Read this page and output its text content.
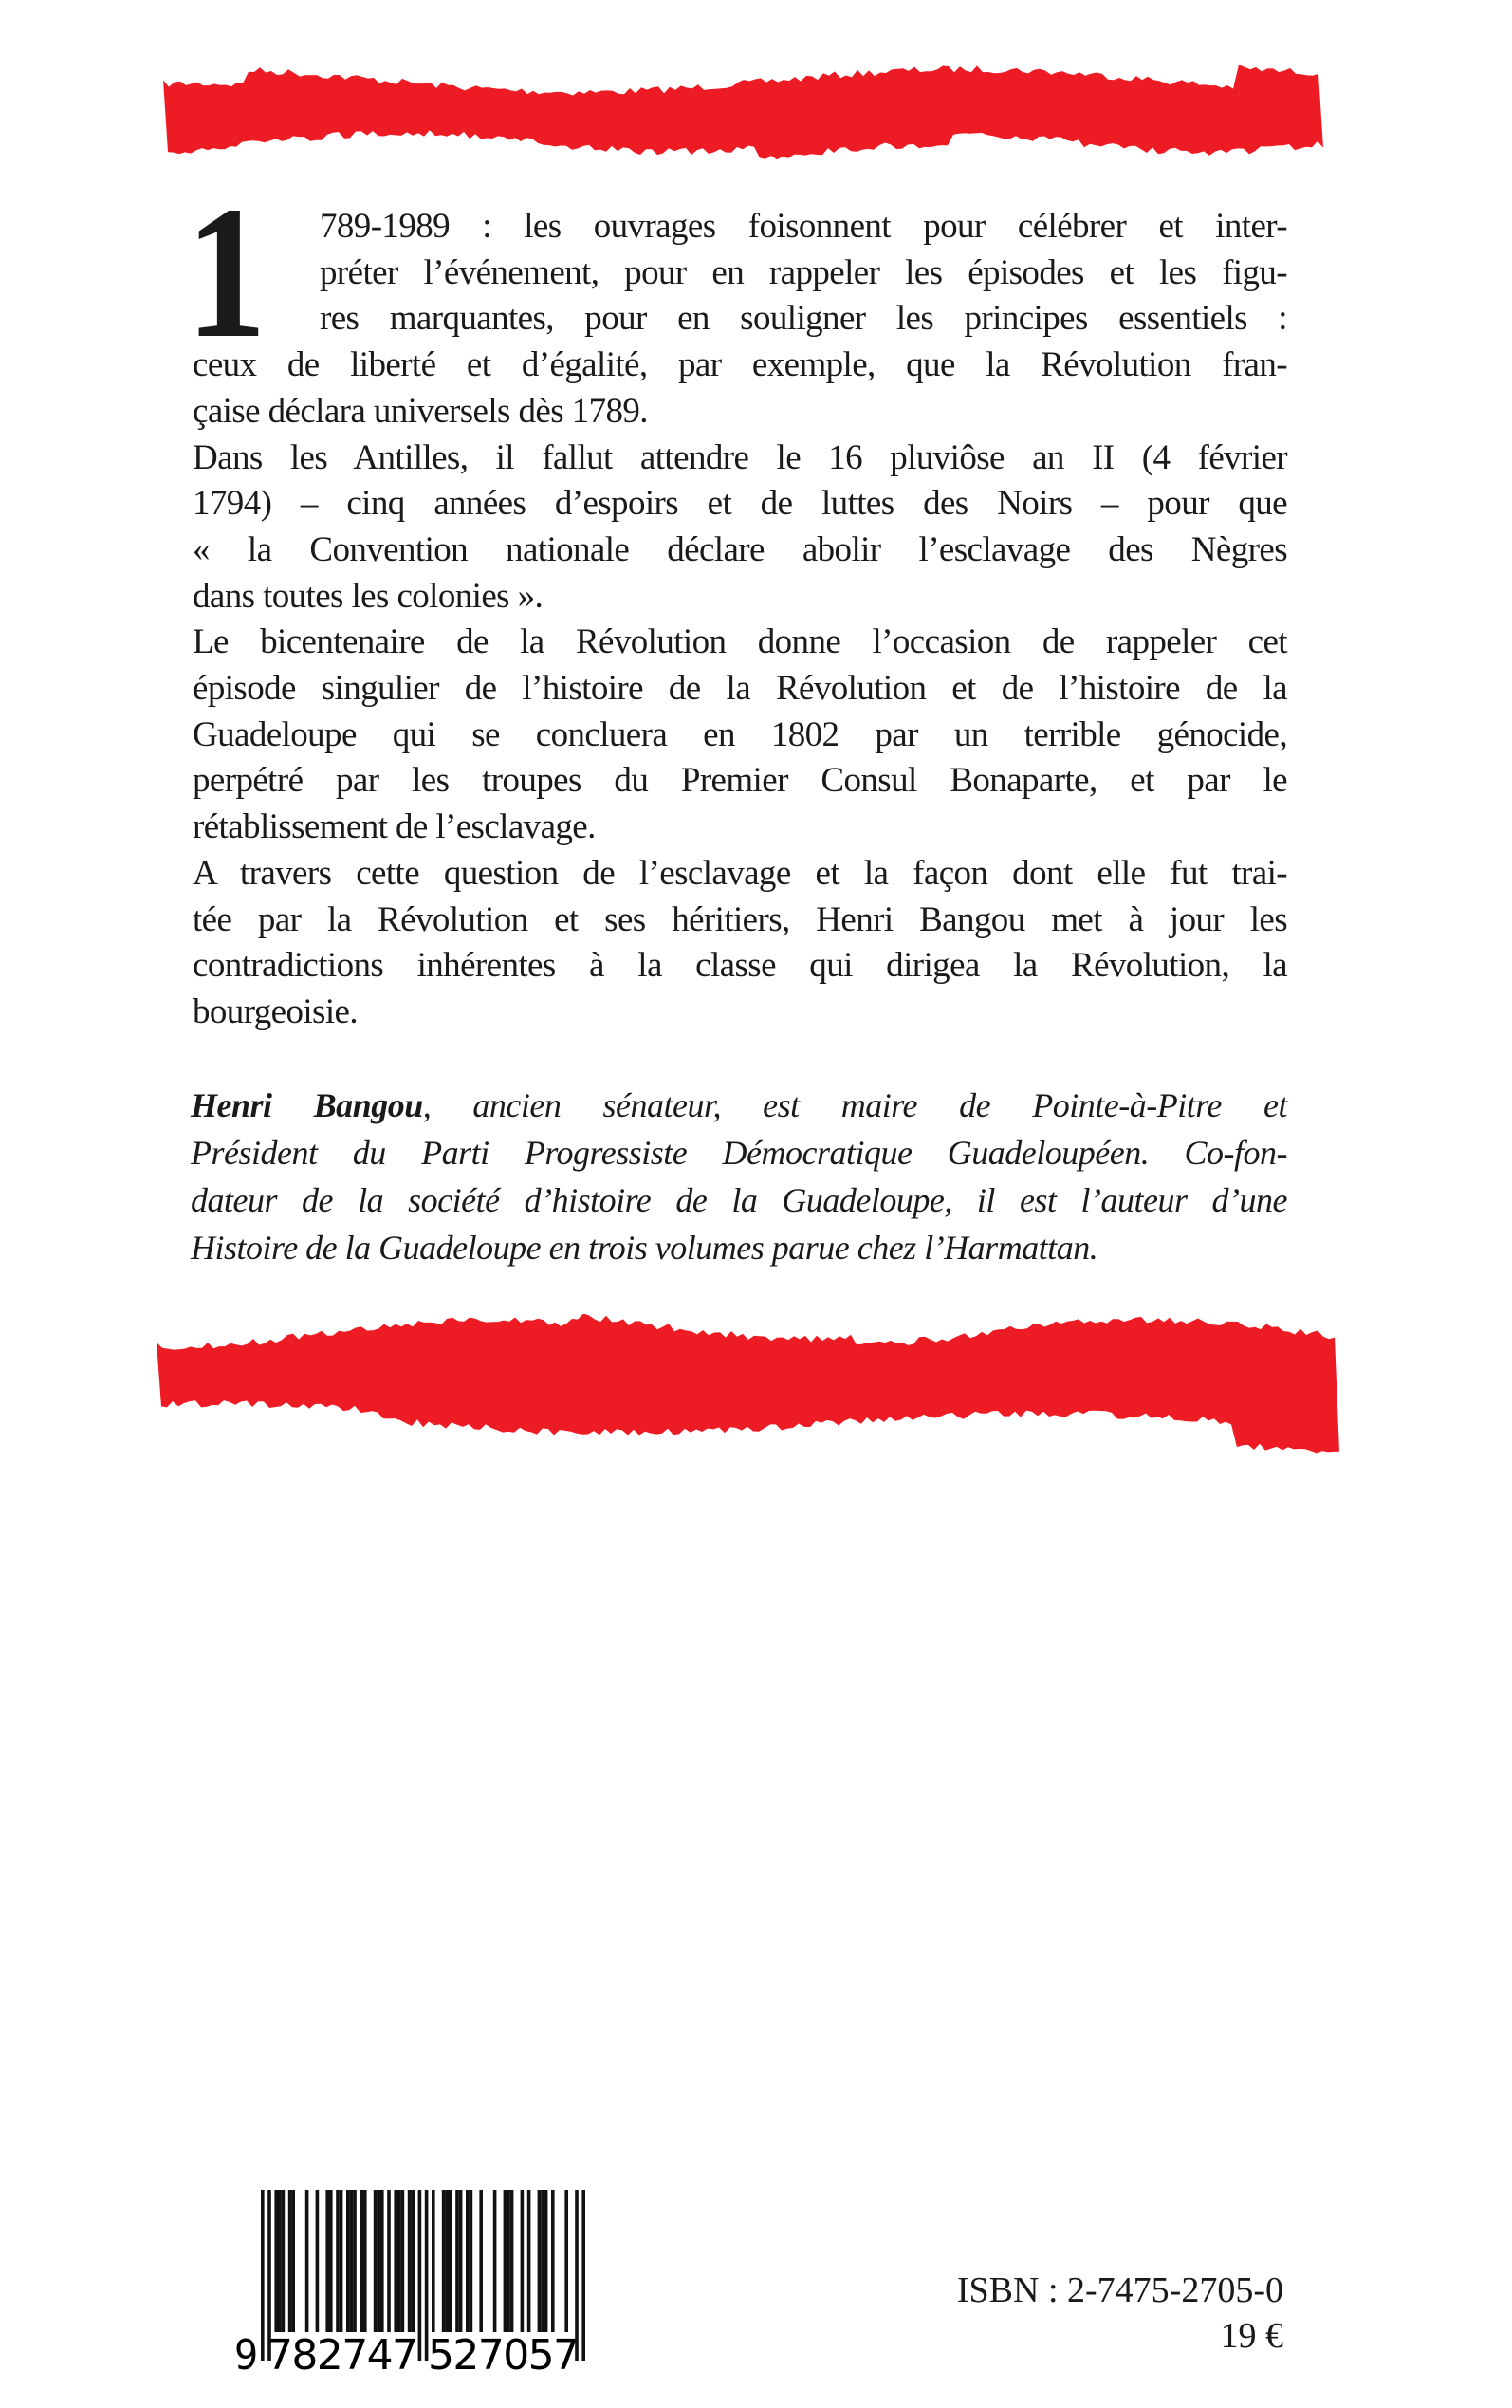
1 789-1989 : les ouvrages foisonnent pour célébrer et inter-
préter l’événement, pour en rappeler les épisodes et les figu-
res marquantes, pour en souligner les principes essentiels :
ceux de liberté et d’égalité, par exemple, que la Révolution fran-
çaise déclara universels dès 1789.
Dans les Antilles, il fallut attendre le 16 pluviôse an II (4 février
1794) – cinq années d’espoirs et de luttes des Noirs – pour que
« la Convention nationale déclare abolir l’esclavage des Nègres
dans toutes les colonies ».
Le bicentenaire de la Révolution donne l’occasion de rappeler cet
épisode singulier de l’histoire de la Révolution et de l’histoire de la
Guadeloupe qui se concluera en 1802 par un terrible génocide,
perpétré par les troupes du Premier Consul Bonaparte, et par le
rétablissement de l’esclavage.
A travers cette question de l’esclavage et la façon dont elle fut trai-
tée par la Révolution et ses héritiers, Henri Bangou met à jour les
contradictions inhérentes à la classe qui dirigea la Révolution, la
bourgeoisie.
Henri Bangou, ancien sénateur, est maire de Pointe-à-Pitre et
Président du Parti Progressiste Démocratique Guadeloupéen. Co-fon-
dateur de la société d’histoire de la Guadeloupe, il est l’auteur d’une
Histoire de la Guadeloupe en trois volumes parue chez l’Harmattan.
9 782747 527057
ISBN : 2-7475-2705-0
19 €
